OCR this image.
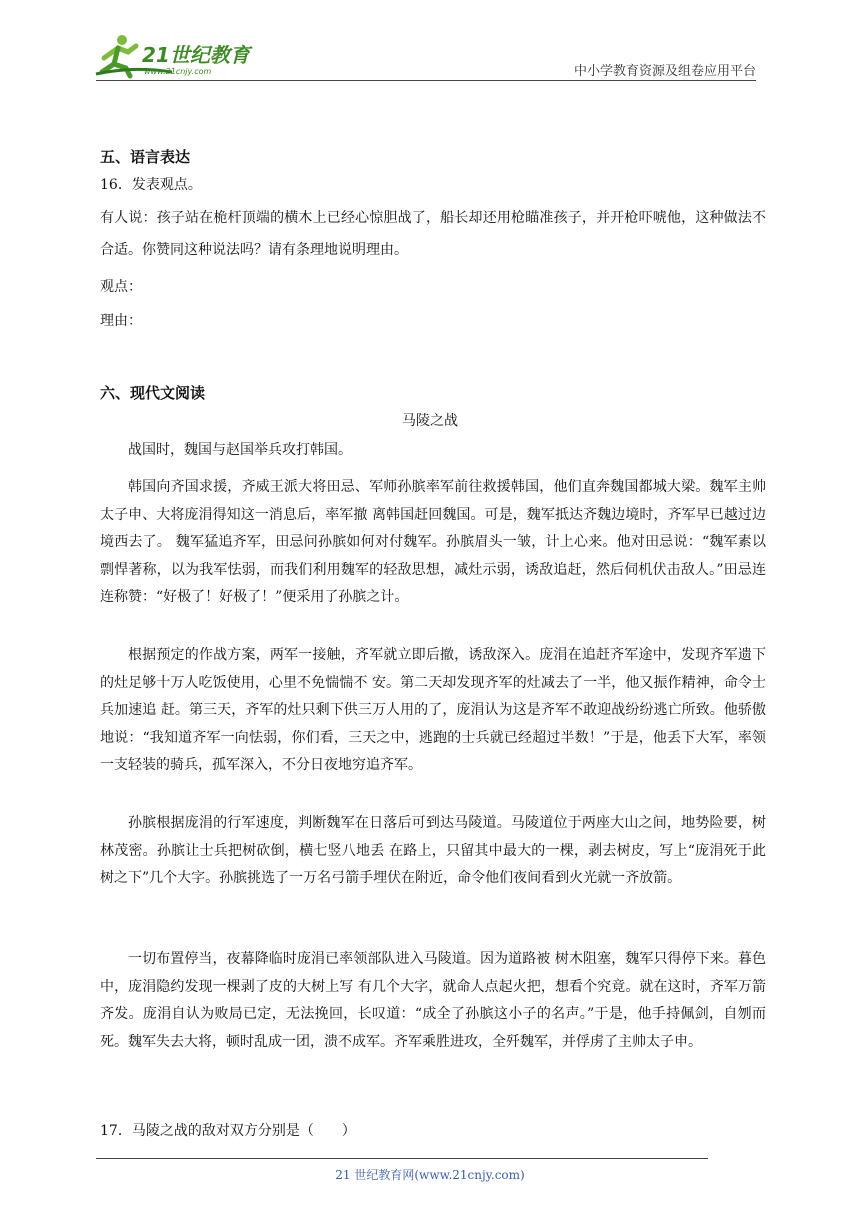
21世纪教育
www.21cnjy.com	中小学教育资源及组卷应用平台
五、语言表达
16．发表观点。
有人说：孩子站在桅杆顶端的横木上已经心惊胆战了，船长却还用枪瞄准孩子，并开枪吓唬他，这种做法不合适。你赞同这种说法吗？请有条理地说明理由。
观点：
理由：
六、现代文阅读
马陵之战
战国时，魏国与赵国举兵攻打韩国。
韩国向齐国求援，齐威王派大将田忌、军师孙膑率军前往救援韩国，他们直奔魏国都城大梁。魏军主帅太子申、大将庞涓得知这一消息后，率军撤 离韩国赶回魏国。可是，魏军抵达齐魏边境时，齐军早已越过边境西去了。 魏军猛追齐军，田忌问孙膑如何对付魏军。孙膑眉头一皱，计上心来。他对田忌说：“魏军素以剽悍著称，以为我军怯弱，而我们利用魏军的轻敌思想，减灶示弱，诱敌追赶，然后伺机伏击敌人。”田忌连连称赞：“好极了！好极了！”便采用了孙膑之计。
根据预定的作战方案，两军一接触，齐军就立即后撤，诱敌深入。庞涓在追赶齐军途中，发现齐军遗下的灶足够十万人吃饭使用，心里不免惴惴不 安。第二天却发现齐军的灶减去了一半，他又振作精神，命令士兵加速追 赶。第三天，齐军的灶只剩下供三万人用的了，庞涓认为这是齐军不敢迎战纷纷逃亡所致。他骄傲地说：“我知道齐军一向怯弱，你们看，三天之中，逃跑的士兵就已经超过半数！”于是，他丢下大军，率领一支轻装的骑兵，孤军深入，不分日夜地穷追齐军。
孙膑根据庞涓的行军速度，判断魏军在日落后可到达马陵道。马陵道位于两座大山之间，地势险要，树林茂密。孙膑让士兵把树砍倒，横七竖八地丢 在路上，只留其中最大的一棵，剥去树皮，写上“庞涓死于此树之下”几个大字。孙膑挑选了一万名弓箭手埋伏在附近，命令他们夜间看到火光就一齐放箭。
一切布置停当，夜幕降临时庞涓已率领部队进入马陵道。因为道路被 树木阻塞，魏军只得停下来。暮色中，庞涓隐约发现一棵剥了皮的大树上写 有几个大字，就命人点起火把，想看个究竟。就在这时，齐军万箭齐发。庞涓自认为败局已定，无法挽回，长叹道：“成全了孙膑这小子的名声。”于是，他手持佩剑，自刎而死。魏军失去大将，顿时乱成一团，溃不成军。齐军乘胜进攻，全歼魏军，并俘虏了主帅太子申。
17．马陵之战的敌对双方分别是（　　）
21 世纪教育网(www.21cnjy.com)
